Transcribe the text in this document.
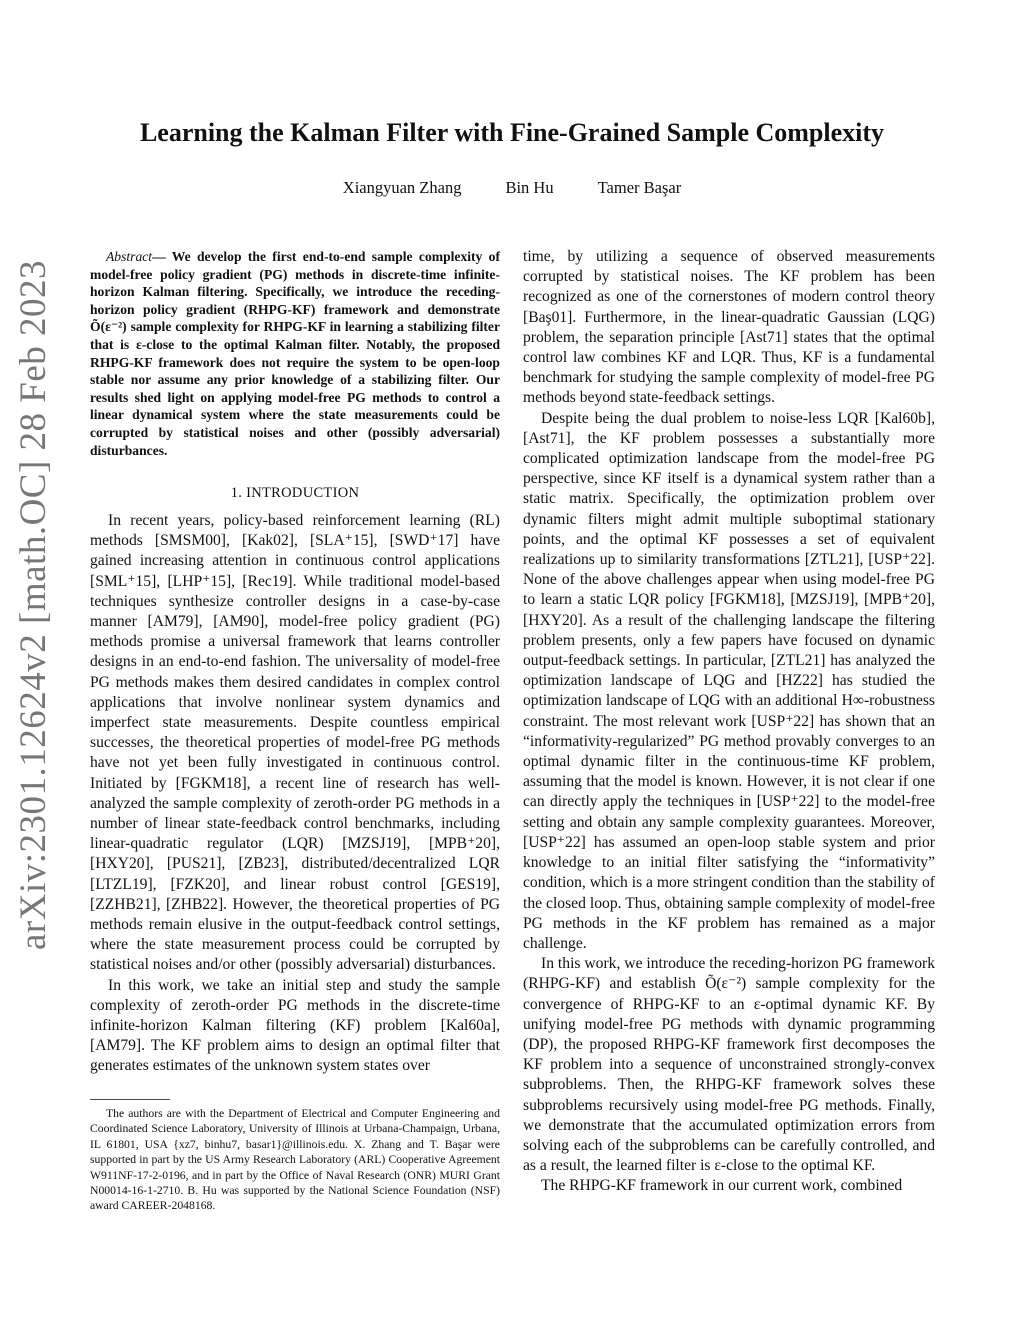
arXiv:2301.12624v2 [math.OC] 28 Feb 2023
Learning the Kalman Filter with Fine-Grained Sample Complexity
Xiangyuan Zhang	Bin Hu	Tamer Başar

Abstract— We develop the first end-to-end sample complexity of model-free policy gradient (PG) methods in discrete-time infinite-horizon Kalman filtering. Specifically, we introduce the receding-horizon policy gradient (RHPG-KF) framework and demonstrate Õ(ε⁻²) sample complexity for RHPG-KF in learning a stabilizing filter that is ε-close to the optimal Kalman filter. Notably, the proposed RHPG-KF framework does not require the system to be open-loop stable nor assume any prior knowledge of a stabilizing filter. Our results shed light on applying model-free PG methods to control a linear dynamical system where the state measurements could be corrupted by statistical noises and other (possibly adversarial) disturbances.

1. INTRODUCTION

In recent years, policy-based reinforcement learning (RL) methods [SMSM00], [Kak02], [SLA⁺15], [SWD⁺17] have gained increasing attention in continuous control applications [SML⁺15], [LHP⁺15], [Rec19]. While traditional model-based techniques synthesize controller designs in a case-by-case manner [AM79], [AM90], model-free policy gradient (PG) methods promise a universal framework that learns controller designs in an end-to-end fashion. The universality of model-free PG methods makes them desired candidates in complex control applications that involve nonlinear system dynamics and imperfect state measurements. Despite countless empirical successes, the theoretical properties of model-free PG methods have not yet been fully investigated in continuous control. Initiated by [FGKM18], a recent line of research has well-analyzed the sample complexity of zeroth-order PG methods in a number of linear state-feedback control benchmarks, including linear-quadratic regulator (LQR) [MZSJ19], [MPB⁺20], [HXY20], [PUS21], [ZB23], distributed/decentralized LQR [LTZL19], [FZK20], and linear robust control [GES19], [ZZHB21], [ZHB22]. However, the theoretical properties of PG methods remain elusive in the output-feedback control settings, where the state measurement process could be corrupted by statistical noises and/or other (possibly adversarial) disturbances.

In this work, we take an initial step and study the sample complexity of zeroth-order PG methods in the discrete-time infinite-horizon Kalman filtering (KF) problem [Kal60a], [AM79]. The KF problem aims to design an optimal filter that generates estimates of the unknown system states over

The authors are with the Department of Electrical and Computer Engineering and Coordinated Science Laboratory, University of Illinois at Urbana-Champaign, Urbana, IL 61801, USA {xz7, binhu7, basar1}@illinois.edu. X. Zhang and T. Başar were supported in part by the US Army Research Laboratory (ARL) Cooperative Agreement W911NF-17-2-0196, and in part by the Office of Naval Research (ONR) MURI Grant N00014-16-1-2710. B. Hu was supported by the National Science Foundation (NSF) award CAREER-2048168.

time, by utilizing a sequence of observed measurements corrupted by statistical noises. The KF problem has been recognized as one of the cornerstones of modern control theory [Baş01]. Furthermore, in the linear-quadratic Gaussian (LQG) problem, the separation principle [Ast71] states that the optimal control law combines KF and LQR. Thus, KF is a fundamental benchmark for studying the sample complexity of model-free PG methods beyond state-feedback settings.

Despite being the dual problem to noise-less LQR [Kal60b], [Ast71], the KF problem possesses a substantially more complicated optimization landscape from the model-free PG perspective, since KF itself is a dynamical system rather than a static matrix. Specifically, the optimization problem over dynamic filters might admit multiple suboptimal stationary points, and the optimal KF possesses a set of equivalent realizations up to similarity transformations [ZTL21], [USP⁺22]. None of the above challenges appear when using model-free PG to learn a static LQR policy [FGKM18], [MZSJ19], [MPB⁺20], [HXY20]. As a result of the challenging landscape the filtering problem presents, only a few papers have focused on dynamic output-feedback settings. In particular, [ZTL21] has analyzed the optimization landscape of LQG and [HZ22] has studied the optimization landscape of LQG with an additional H∞-robustness constraint. The most relevant work [USP⁺22] has shown that an “informativity-regularized” PG method provably converges to an optimal dynamic filter in the continuous-time KF problem, assuming that the model is known. However, it is not clear if one can directly apply the techniques in [USP⁺22] to the model-free setting and obtain any sample complexity guarantees. Moreover, [USP⁺22] has assumed an open-loop stable system and prior knowledge to an initial filter satisfying the “informativity” condition, which is a more stringent condition than the stability of the closed loop. Thus, obtaining sample complexity of model-free PG methods in the KF problem has remained as a major challenge.

In this work, we introduce the receding-horizon PG framework (RHPG-KF) and establish Õ(ε⁻²) sample complexity for the convergence of RHPG-KF to an ε-optimal dynamic KF. By unifying model-free PG methods with dynamic programming (DP), the proposed RHPG-KF framework first decomposes the KF problem into a sequence of unconstrained strongly-convex subproblems. Then, the RHPG-KF framework solves these subproblems recursively using model-free PG methods. Finally, we demonstrate that the accumulated optimization errors from solving each of the subproblems can be carefully controlled, and as a result, the learned filter is ε-close to the optimal KF.

The RHPG-KF framework in our current work, combined
